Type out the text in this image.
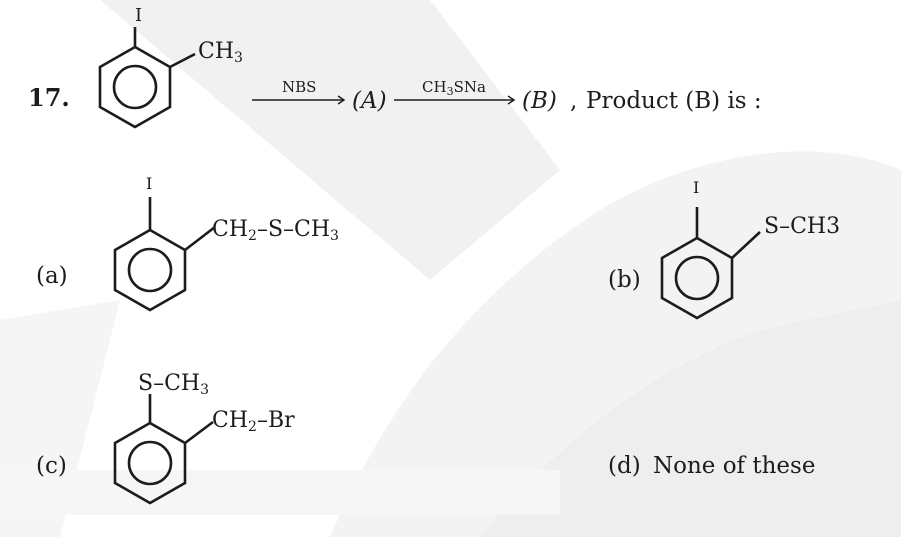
17.
I
$CH_3$
NBS
(A)
$CH_3SNa$
(B) , Product (B) is :
(a)
I
$CH_2-S-CH_3$
(b)
I
S–CH3
(c)
$S-CH_3$
$CH_2-Br$
(d) None of these
